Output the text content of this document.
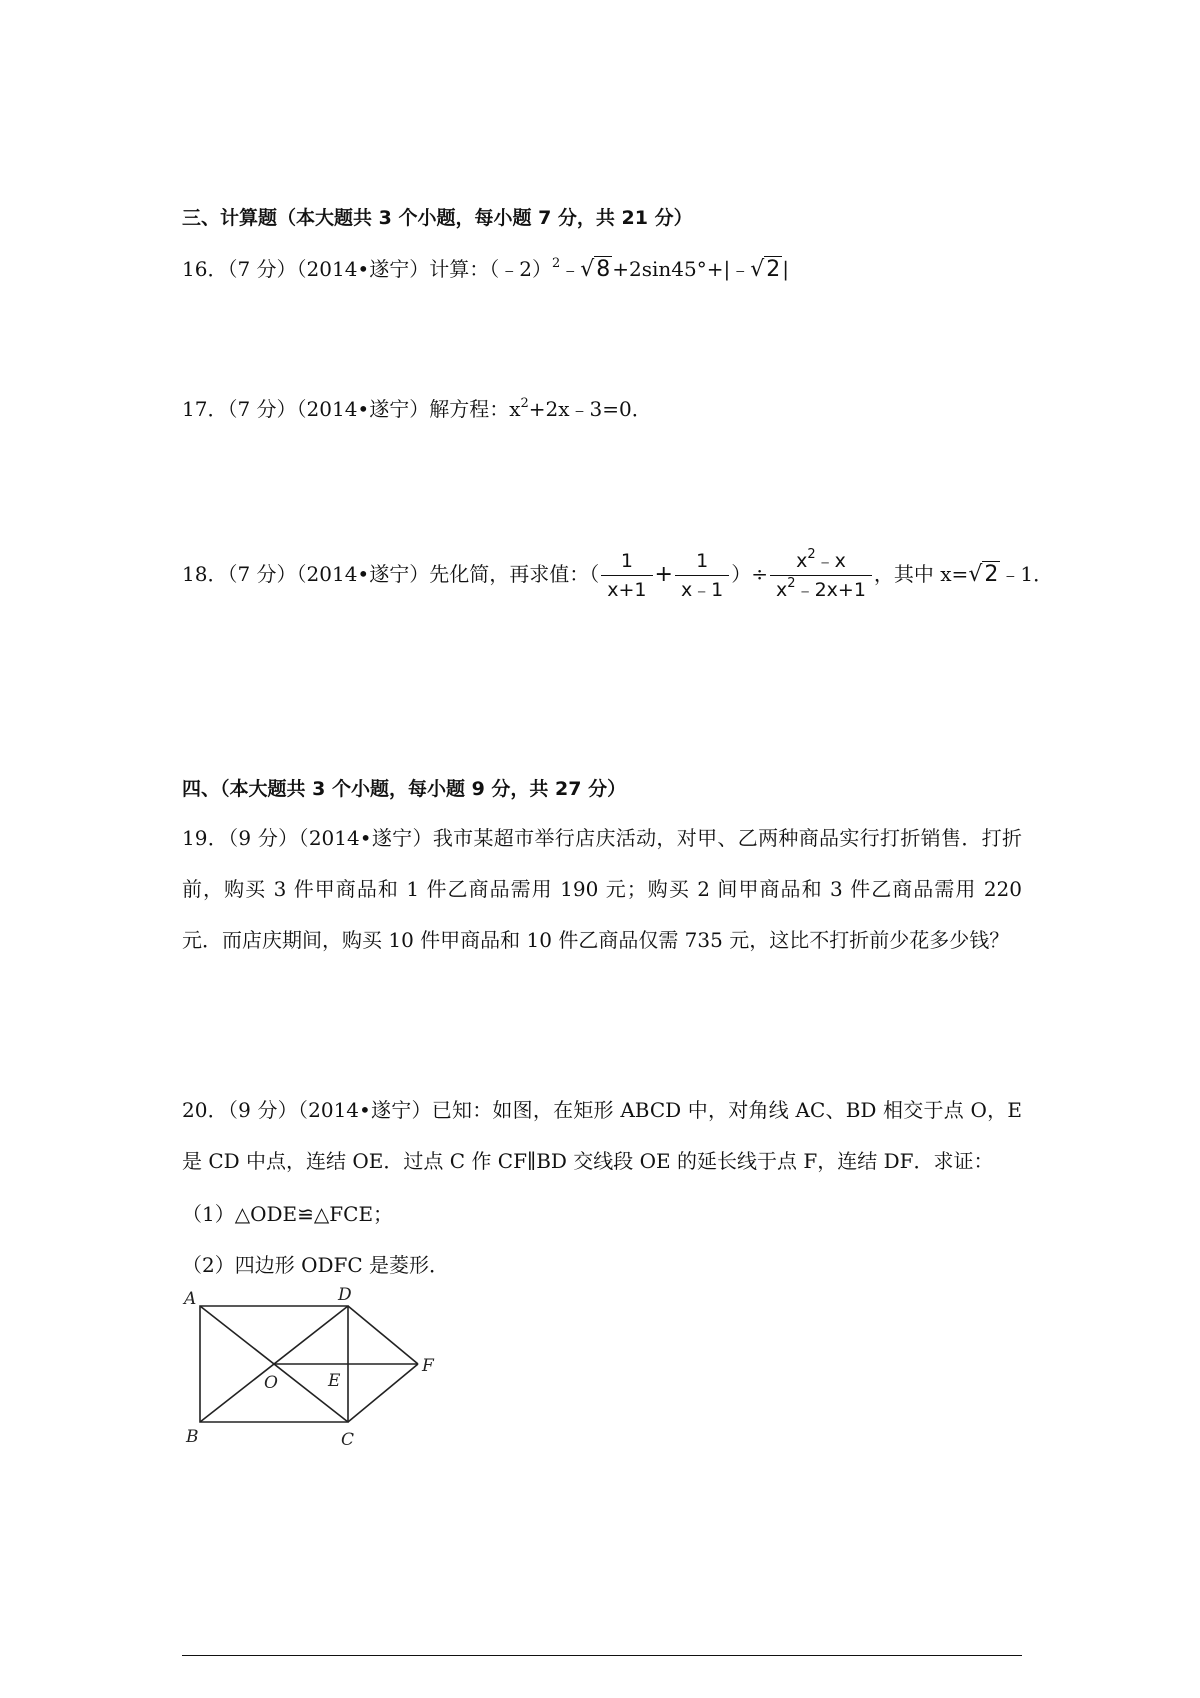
三、计算题（本大题共 3 个小题，每小题 7 分，共 21 分）
16．（7 分）（2014•遂宁）计算：（﹣2）$^2$﹣√8 +2sin45°+|﹣√2 |
17．（7 分）（2014•遂宁）解方程：$x^2+2x﹣3=0$．
18．（7 分）（2014•遂宁）先化简，再求值：（ $\frac{1}{x+1} + \frac{1}{x﹣1}$ ）÷ $\frac{x^2﹣x}{x^2﹣2x+1}$ ，其中 x=√2 ﹣1．
四、（本大题共 3 个小题，每小题 9 分，共 27 分）
19．（9 分）（2014•遂宁）我市某超市举行店庆活动，对甲、乙两种商品实行打折销售．打折前，购买 3 件甲商品和 1 件乙商品需用 190 元；购买 2 间甲商品和 3 件乙商品需用 220 元．而店庆期间，购买 10 件甲商品和 10 件乙商品仅需 735 元，这比不打折前少花多少钱？
20．（9 分）（2014•遂宁）已知：如图，在矩形 ABCD 中，对角线 AC、BD 相交于点 O，E 是 CD 中点，连结 OE．过点 C 作 CF∥BD 交线段 OE 的延长线于点 F，连结 DF．求证：
（1）△ODE≌△FCE；
（2）四边形 ODFC 是菱形．
A	D
B	C
O	E
F
